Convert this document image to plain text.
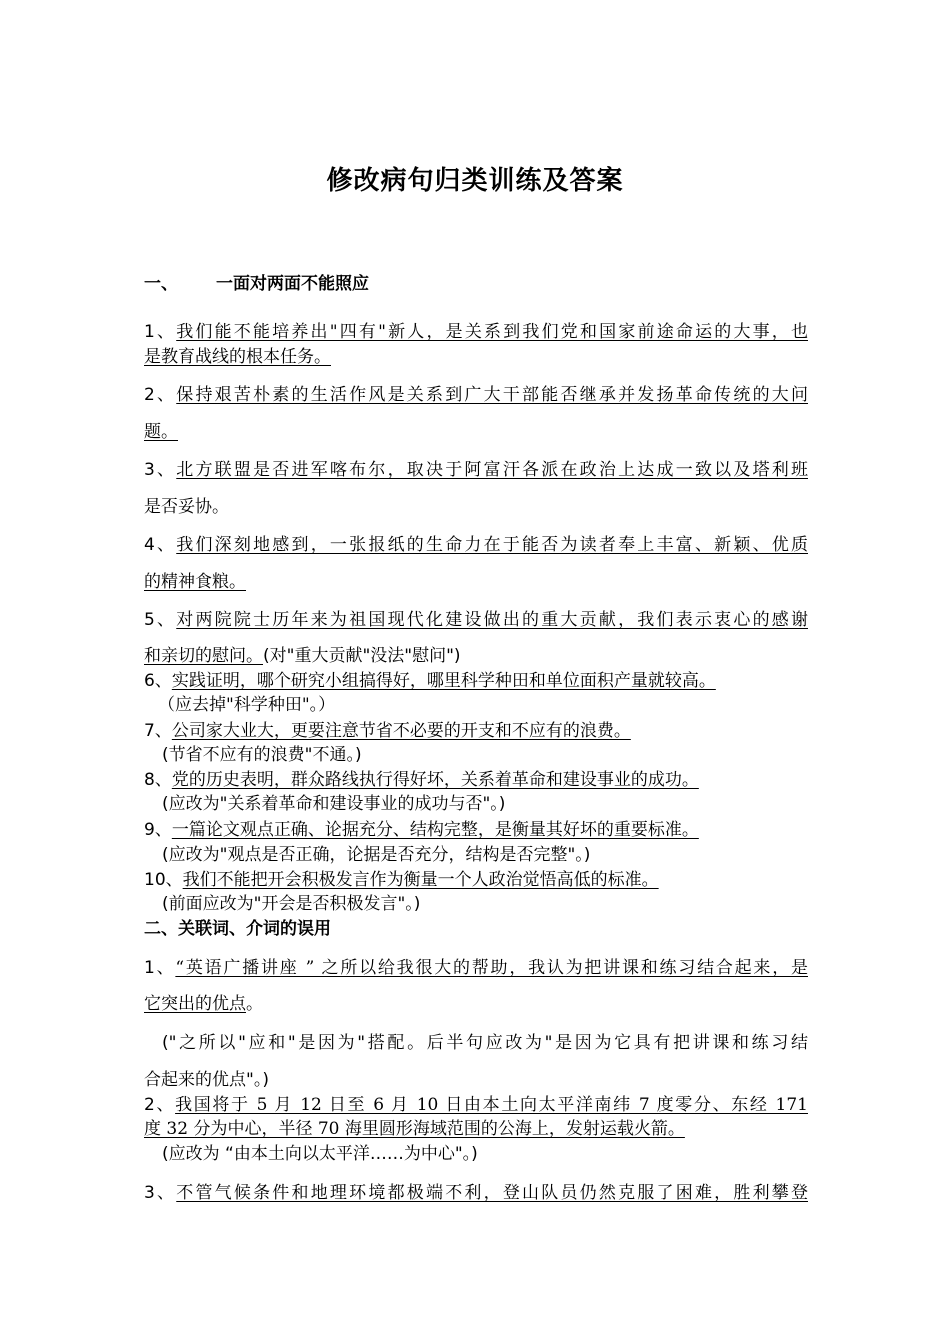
修改病句归类训练及答案
一、 一面对两面不能照应
1、我们能不能培养出"四有"新人，是关系到我们党和国家前途命运的大事，也
是教育战线的根本任务。
2、保持艰苦朴素的生活作风是关系到广大干部能否继承并发扬革命传统的大问
题。
3、北方联盟是否进军喀布尔，取决于阿富汗各派在政治上达成一致以及塔利班
是否妥协。
4、我们深刻地感到，一张报纸的生命力在于能否为读者奉上丰富、新颖、优质
的精神食粮。
5、对两院院士历年来为祖国现代化建设做出的重大贡献，我们表示衷心的感谢
和亲切的慰问。(对"重大贡献"没法"慰问")
6、实践证明，哪个研究小组搞得好，哪里科学种田和单位面积产量就较高。
（应去掉"科学种田"。）
7、公司家大业大，更要注意节省不必要的开支和不应有的浪费。
(节省不应有的浪费"不通。)
8、党的历史表明，群众路线执行得好坏，关系着革命和建设事业的成功。
(应改为"关系着革命和建设事业的成功与否"。)
9、一篇论文观点正确、论据充分、结构完整，是衡量其好坏的重要标准。
(应改为"观点是否正确，论据是否充分，结构是否完整"。)
10、我们不能把开会积极发言作为衡量一个人政治觉悟高低的标准。
(前面应改为"开会是否积极发言"。)
二、关联词、介词的误用
1、“英语广播讲座 ” 之所以给我很大的帮助，我认为把讲课和练习结合起来，是
它突出的优点。
("之所以"应和"是因为"搭配。后半句应改为"是因为它具有把讲课和练习结
合起来的优点"。)
2、我国将于 5 月 12 日至 6 月 10 日由本土向太平洋南纬 7 度零分、东经 171
度 32 分为中心，半径 70 海里圆形海域范围的公海上，发射运载火箭。
(应改为 “由本土向以太平洋……为中心"。)
3、不管气候条件和地理环境都极端不利，登山队员仍然克服了困难，胜利攀登
